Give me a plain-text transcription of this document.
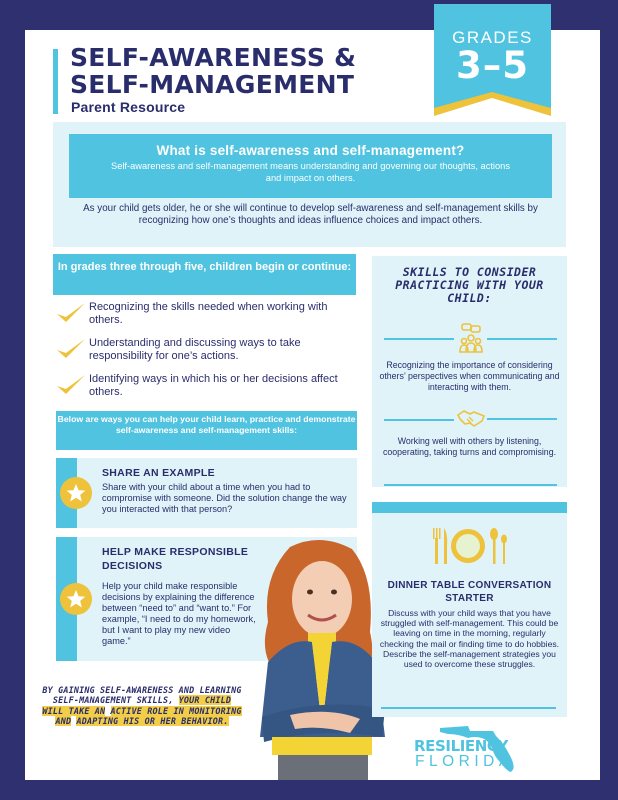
SELF-AWARENESS &
SELF-MANAGEMENT
Parent Resource
GRADES
3–5
What is self-awareness and self-management?

Self-awareness and self-management means understanding and governing our thoughts, actions and impact on others.

As your child gets older, he or she will continue to develop self-awareness and self-management skills by recognizing how one’s thoughts and ideas influence choices and impact others.
In grades three through five, children begin or continue:
Recognizing the skills needed when working with others.
Understanding and discussing ways to take responsibility for one’s actions.
Identifying ways in which his or her decisions affect others.
Below are ways you can help your child learn, practice and demonstrate self-awareness and self-management skills:
SHARE AN EXAMPLE

Share with your child about a time when you had to compromise with someone. Did the solution change the way you interacted with that person?

HELP MAKE RESPONSIBLE DECISIONS

Help your child make responsible decisions by explaining the difference between “need to” and “want to.” For example, “I need to do my homework, but I want to play my new video game.”

BY GAINING SELF-AWARENESS AND LEARNING SELF-MANAGEMENT SKILLS, YOUR CHILD WILL TAKE AN ACTIVE ROLE IN MONITORING AND ADAPTING HIS OR HER BEHAVIOR.
SKILLS TO CONSIDER PRACTICING WITH YOUR CHILD:

Recognizing the importance of considering others’ perspectives when communicating and interacting with them.

Working well with others by listening, cooperating, taking turns and compromising.

DINNER TABLE CONVERSATION STARTER

Discuss with your child ways that you have struggled with self-management. This could be leaving on time in the morning, regularly checking the mail or finding time to do hobbies. Describe the self-management strategies you used to overcome these struggles.

RESILIENCY
FLORIDA
